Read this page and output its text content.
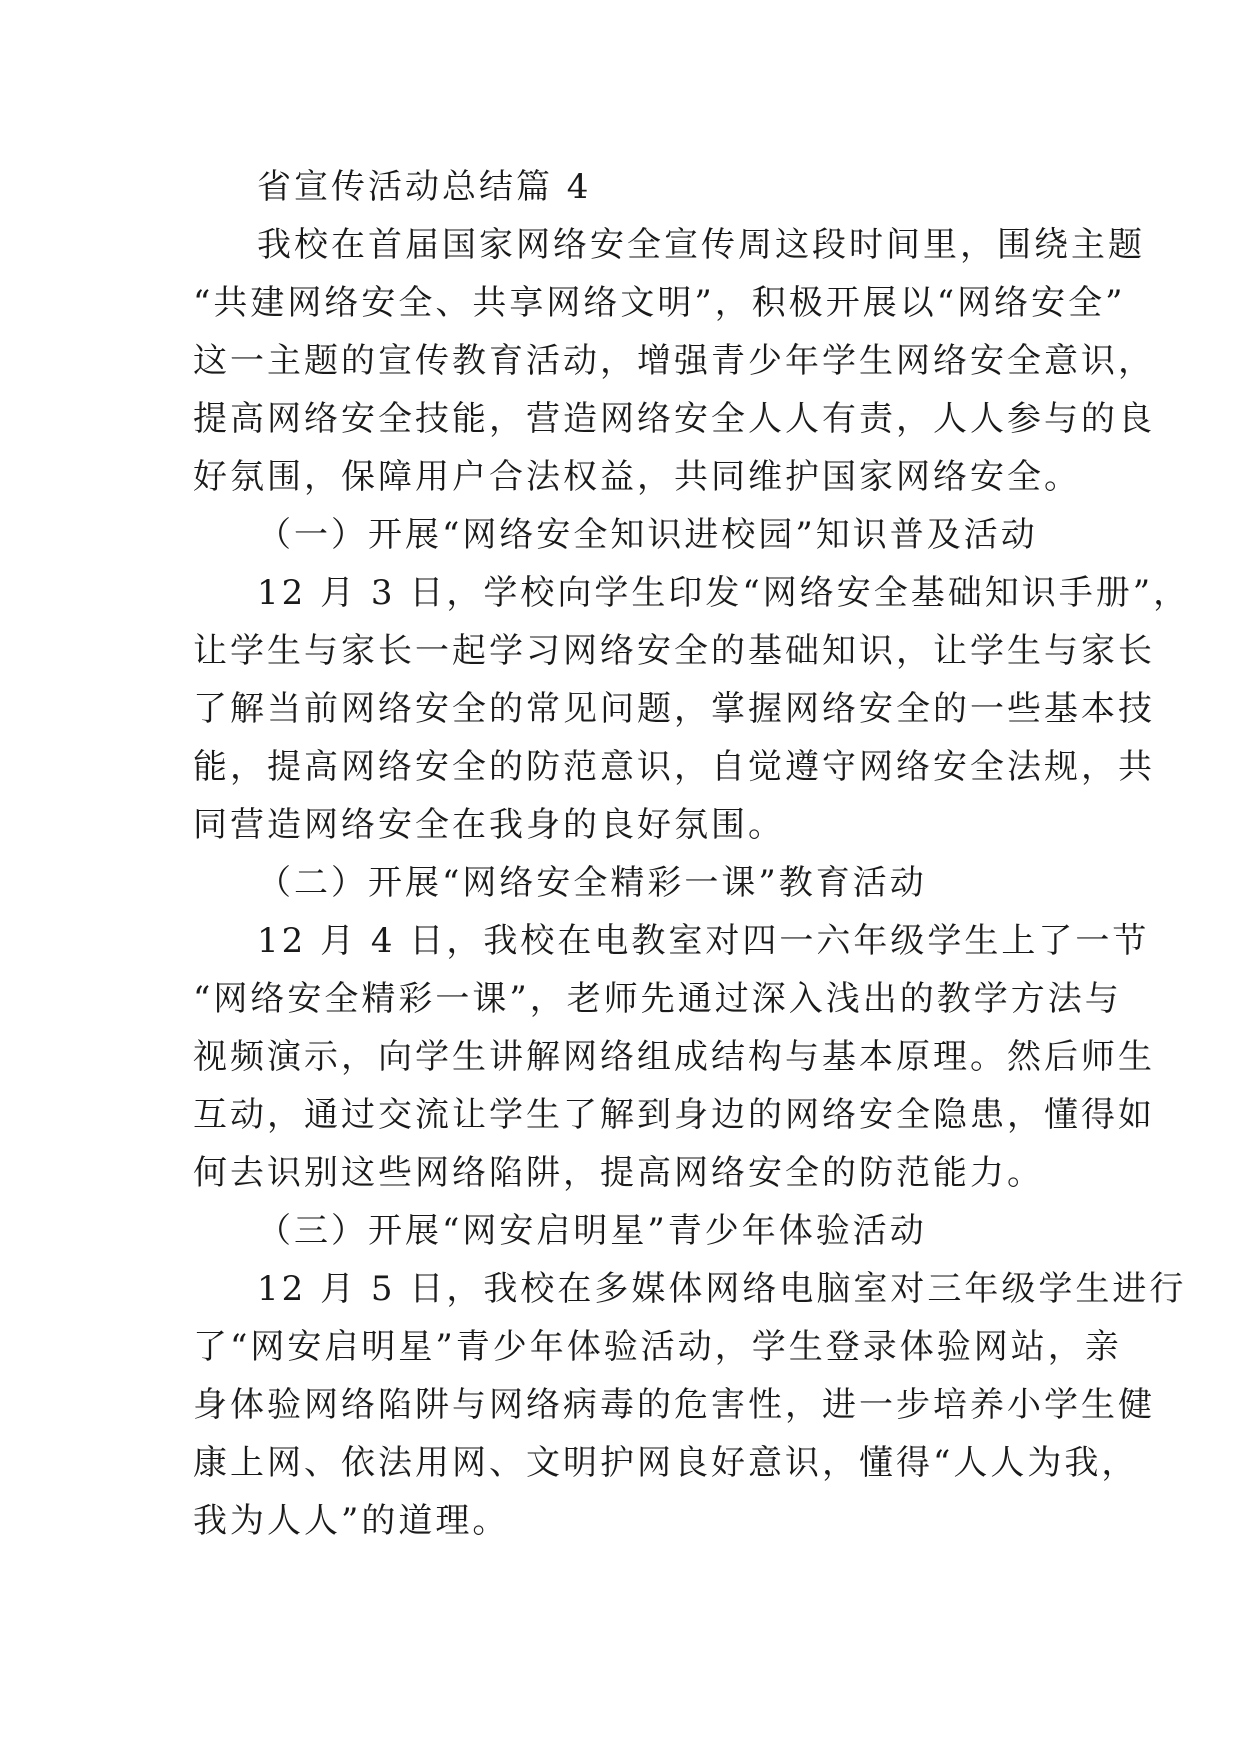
省宣传活动总结篇 4
我校在首届国家网络安全宣传周这段时间里，围绕主题
“共建网络安全、共享网络文明”，积极开展以“网络安全”
这一主题的宣传教育活动，增强青少年学生网络安全意识，
提高网络安全技能，营造网络安全人人有责，人人参与的良
好氛围，保障用户合法权益，共同维护国家网络安全。
（一）开展“网络安全知识进校园”知识普及活动
12 月 3 日，学校向学生印发“网络安全基础知识手册”，
让学生与家长一起学习网络安全的基础知识，让学生与家长
了解当前网络安全的常见问题，掌握网络安全的一些基本技
能，提高网络安全的防范意识，自觉遵守网络安全法规，共
同营造网络安全在我身的良好氛围。
（二）开展“网络安全精彩一课”教育活动
12 月 4 日，我校在电教室对四一六年级学生上了一节
“网络安全精彩一课”，老师先通过深入浅出的教学方法与
视频演示，向学生讲解网络组成结构与基本原理。然后师生
互动，通过交流让学生了解到身边的网络安全隐患，懂得如
何去识别这些网络陷阱，提高网络安全的防范能力。
（三）开展“网安启明星”青少年体验活动
12 月 5 日，我校在多媒体网络电脑室对三年级学生进行
了“网安启明星”青少年体验活动，学生登录体验网站，亲
身体验网络陷阱与网络病毒的危害性，进一步培养小学生健
康上网、依法用网、文明护网良好意识，懂得“人人为我，
我为人人”的道理。
